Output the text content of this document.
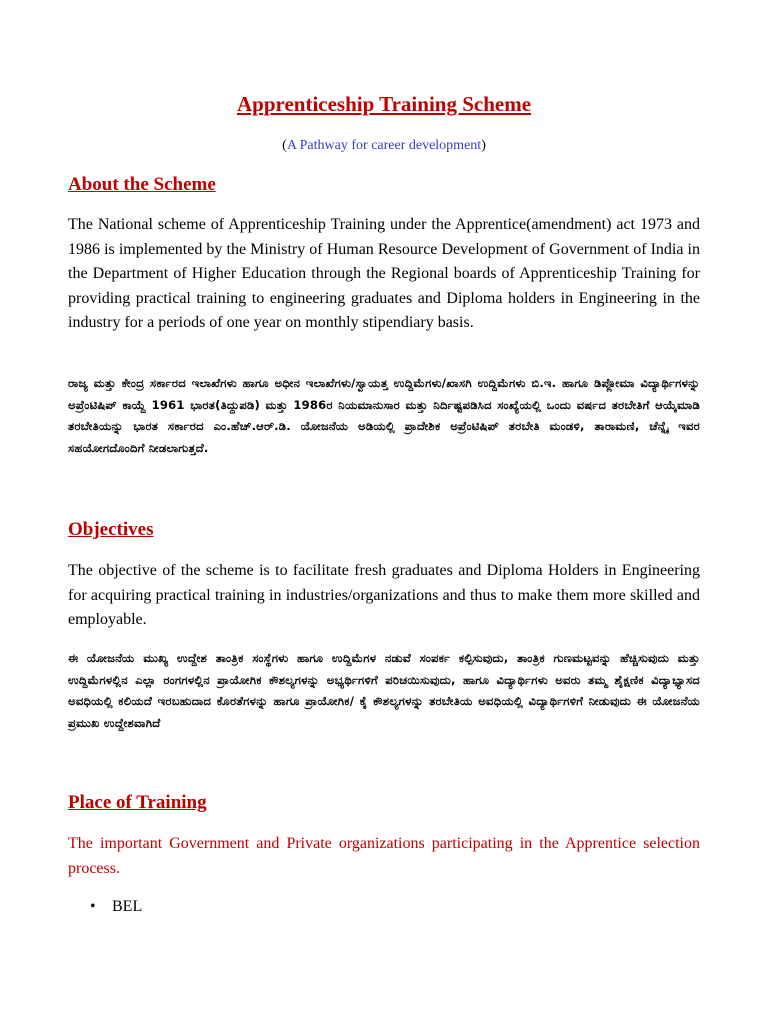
Apprenticeship Training Scheme
(A Pathway for career development)
About the Scheme
The National scheme of Apprenticeship Training under the Apprentice(amendment) act 1973 and 1986 is implemented by the Ministry of Human Resource Development of Government of India in the Department of Higher Education through the Regional boards of Apprenticeship Training for providing practical training to engineering graduates and Diploma holders in Engineering in the industry for a periods of one year on monthly stipendiary basis.
ರಾಜ್ಯ ಮತ್ತು ಕೇಂದ್ರ ಸರ್ಕಾರದ ಇಲಾಖೆಗಳು ಹಾಗೂ ಅಧೀನ ಇಲಾಖೆಗಳು/ಸ್ವಾಯತ್ತ ಉದ್ದಿಮೆಗಳು/ಖಾಸಗಿ ಉದ್ದಿಮೆಗಳು ಬಿ.ಇ. ಹಾಗೂ ಡಿಪ್ಲೋಮಾ ವಿದ್ಯಾರ್ಥಿಗಳನ್ನು ಅಪ್ರೆಂಟಿಷಿಪ್ ಕಾಯ್ದೆ 1961 ಭಾರತ(ತಿದ್ದುಪಡಿ) ಮತ್ತು 1986ರ ನಿಯಮಾನುಸಾರ ಮತ್ತು ನಿರ್ದಿಷ್ಟಪಡಿಸಿದ ಸಂಖ್ಯೆಯಲ್ಲಿ ಒಂದು ವರ್ಷದ ತರಬೇತಿಗೆ ಆಯ್ಕೆಮಾಡಿ ತರಬೇತಿಯನ್ನು ಭಾರತ ಸರ್ಕಾರದ ಎಂ.ಹೆಚ್.ಆರ್.ಡಿ. ಯೋಜನೆಯ ಅಡಿಯಲ್ಲಿ ಪ್ರಾದೇಶಿಕ ಅಪ್ರೆಂಟಿಷಿಪ್ ತರಬೇತಿ ಮಂಡಳಿ, ತಾರಾಮಣಿ, ಚೆನ್ನೈ ಇವರ ಸಹಯೋಗದೊಂದಿಗೆ ನೀಡಲಾಗುತ್ತದೆ.
Objectives
The objective of the scheme is to facilitate fresh graduates and Diploma Holders in Engineering for acquiring practical training in industries/organizations and thus to make them more skilled and employable.
ಈ ಯೋಜನೆಯ ಮುಖ್ಯ ಉದ್ದೇಶ ತಾಂತ್ರಿಕ ಸಂಸ್ಥೆಗಳು ಹಾಗೂ ಉದ್ದಿಮೆಗಳ ನಡುವೆ ಸಂಪರ್ಕ ಕಲ್ಪಿಸುವುದು, ತಾಂತ್ರಿಕ ಗುಣಮಟ್ಟವನ್ನು ಹೆಚ್ಚಿಸುವುದು ಮತ್ತು ಉದ್ದಿಮೆಗಳಲ್ಲಿನ ಎಲ್ಲಾ ರಂಗಗಳಲ್ಲಿನ ಪ್ರಾಯೋಗಿಕ ಕೌಶಲ್ಯಗಳನ್ನು ಅಭ್ಯರ್ಥಿಗಳಿಗೆ ಪರಿಚಯಿಸುವುದು, ಹಾಗೂ ವಿದ್ಯಾರ್ಥಿಗಳು ಅವರು ತಮ್ಮ ಶೈಕ್ಷಣಿಕ ವಿದ್ಯಾಭ್ಯಾಸದ ಅವಧಿಯಲ್ಲಿ ಕಲಿಯದೆ ಇರಬಹುದಾದ ಕೊರತೆಗಳನ್ನು ಹಾಗೂ ಪ್ರಾಯೋಗಿಕ/ ಕೈ ಕೌಶಲ್ಯಗಳನ್ನು ತರಬೇತಿಯ ಅವಧಿಯಲ್ಲಿ ವಿದ್ಯಾರ್ಥಿಗಳಿಗೆ ನೀಡುವುದು ಈ ಯೋಜನೆಯ ಪ್ರಮುಖ ಉದ್ದೇಶವಾಗಿದೆ
Place of Training
The important Government and Private organizations participating in the Apprentice selection process.
• BEL
